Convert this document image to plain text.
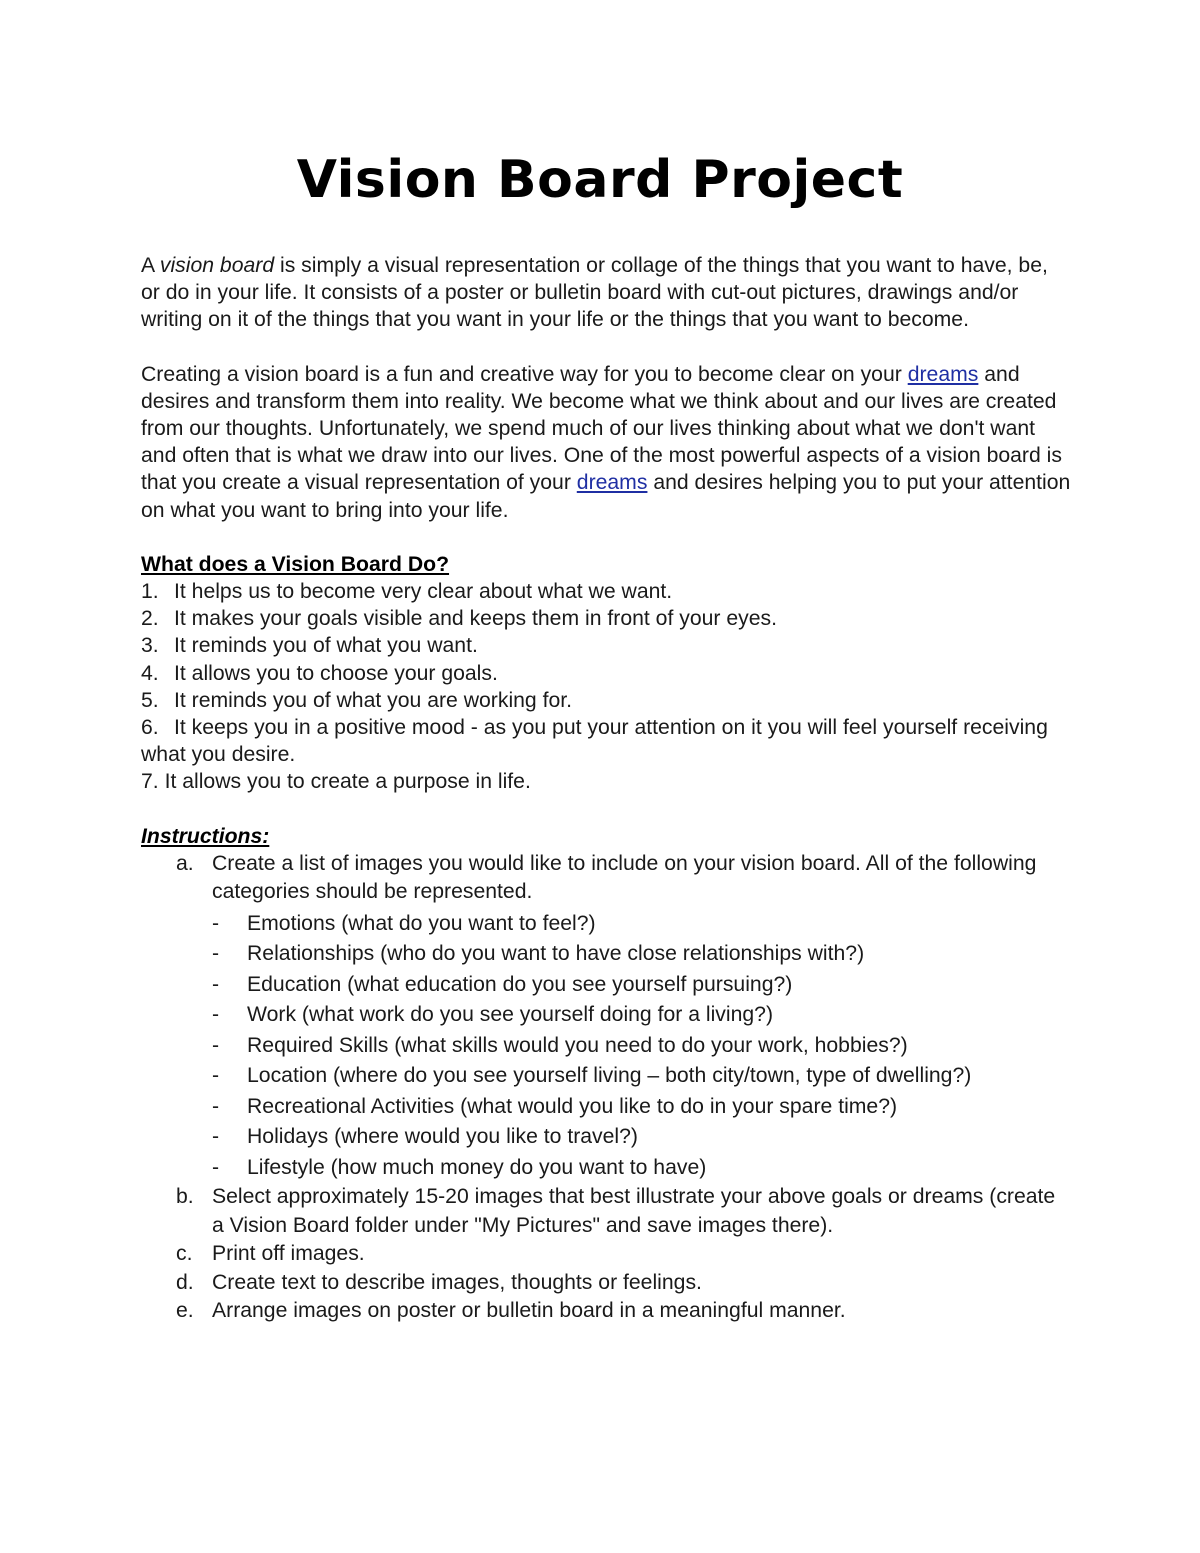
Vision Board Project

A vision board is simply a visual representation or collage of the things that you want to have, be, or do in your life. It consists of a poster or bulletin board with cut-out pictures, drawings and/or writing on it of the things that you want in your life or the things that you want to become.

Creating a vision board is a fun and creative way for you to become clear on your dreams and desires and transform them into reality. We become what we think about and our lives are created from our thoughts. Unfortunately, we spend much of our lives thinking about what we don't want and often that is what we draw into our lives. One of the most powerful aspects of a vision board is that you create a visual representation of your dreams and desires helping you to put your attention on what you want to bring into your life.

What does a Vision Board Do?

1. It helps us to become very clear about what we want.
2. It makes your goals visible and keeps them in front of your eyes.
3. It reminds you of what you want.
4. It allows you to choose your goals.
5. It reminds you of what you are working for.
6. It keeps you in a positive mood - as you put your attention on it you will feel yourself receiving what you desire.
7. It allows you to create a purpose in life.

Instructions:

a. Create a list of images you would like to include on your vision board. All of the following categories should be represented.
- Emotions (what do you want to feel?)
- Relationships (who do you want to have close relationships with?)
- Education (what education do you see yourself pursuing?)
- Work (what work do you see yourself doing for a living?)
- Required Skills (what skills would you need to do your work, hobbies?)
- Location (where do you see yourself living – both city/town, type of dwelling?)
- Recreational Activities (what would you like to do in your spare time?)
- Holidays (where would you like to travel?)
- Lifestyle (how much money do you want to have)
b. Select approximately 15-20 images that best illustrate your above goals or dreams (create a Vision Board folder under "My Pictures" and save images there).
c. Print off images.
d. Create text to describe images, thoughts or feelings.
e. Arrange images on poster or bulletin board in a meaningful manner.
